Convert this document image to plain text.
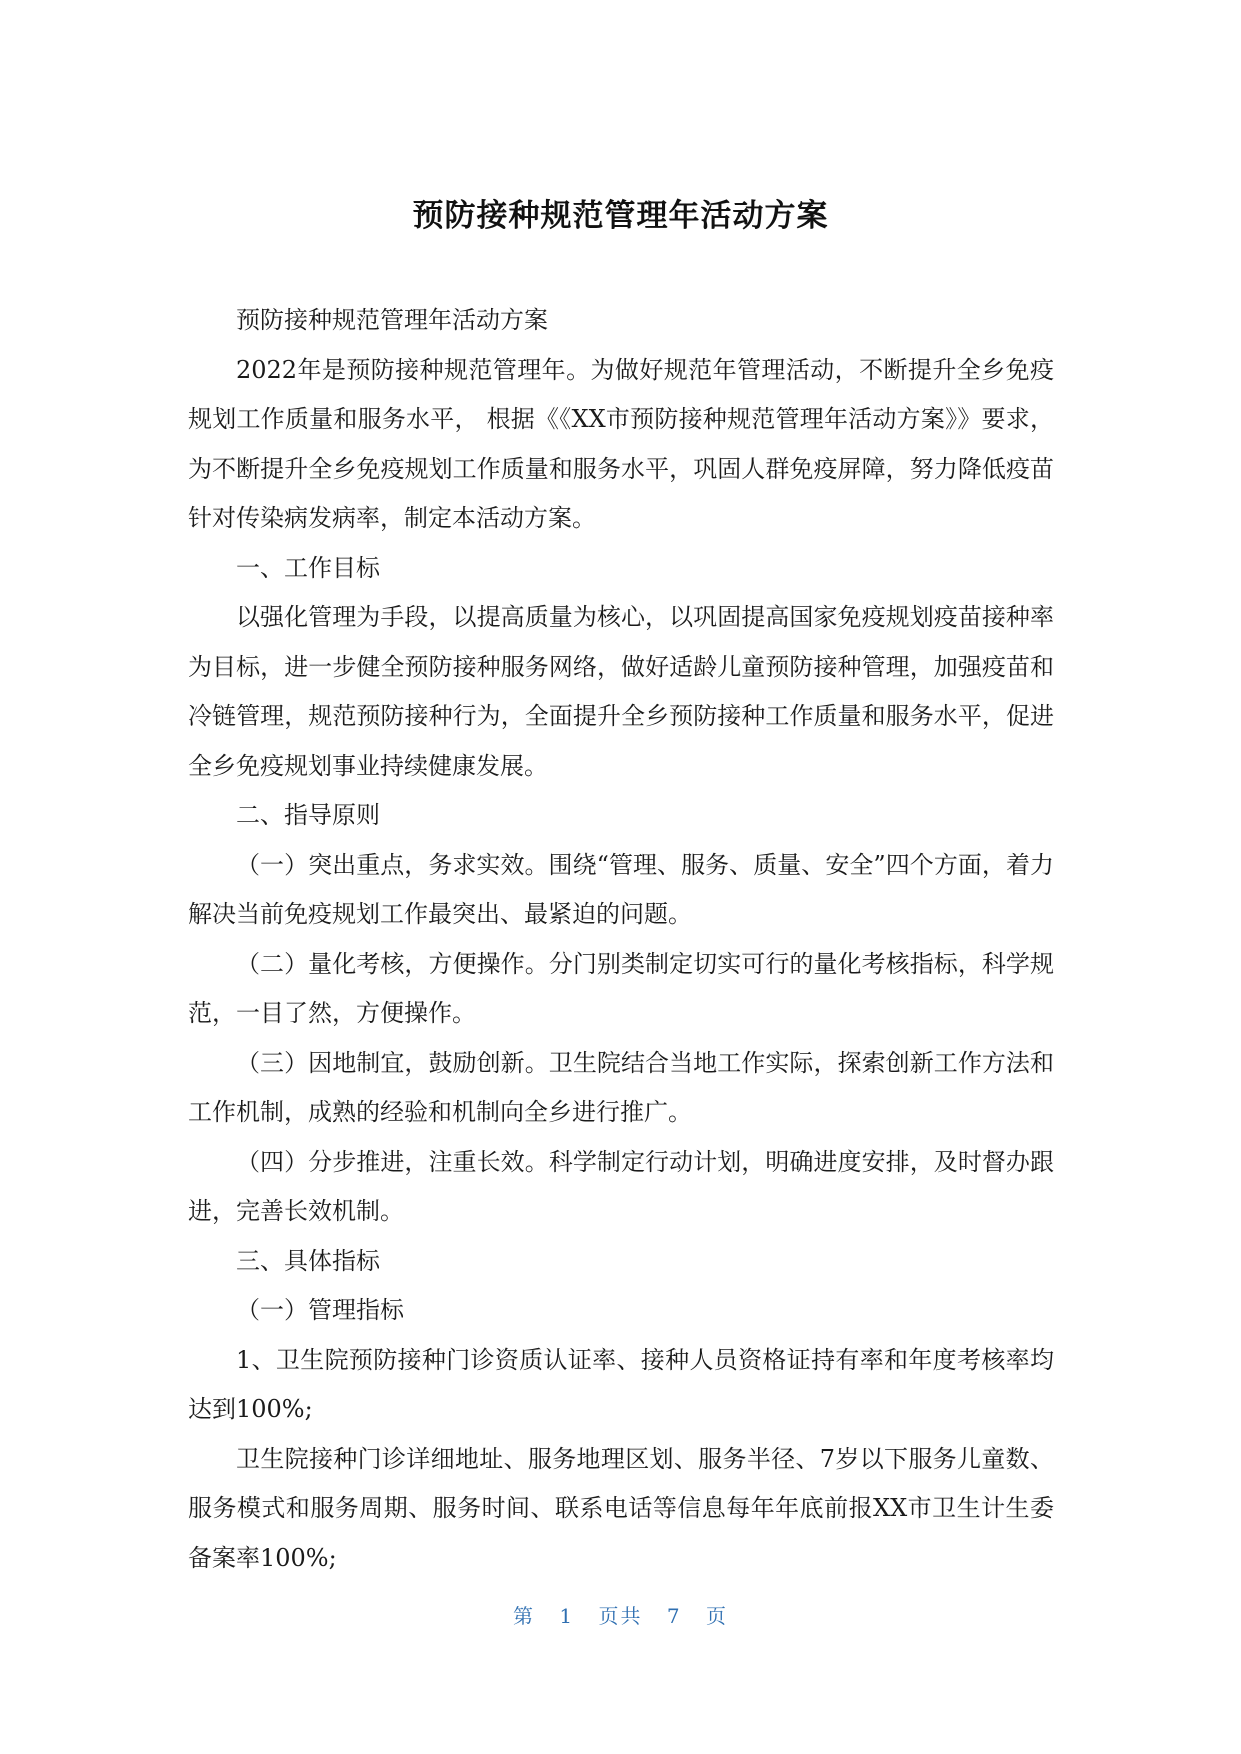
预防接种规范管理年活动方案

预防接种规范管理年活动方案

2022年是预防接种规范管理年。为做好规范年管理活动，不断提升全乡免疫规划工作质量和服务水平， 根据《《XX市预防接种规范管理年活动方案》》要求，为不断提升全乡免疫规划工作质量和服务水平，巩固人群免疫屏障，努力降低疫苗针对传染病发病率，制定本活动方案。

一、工作目标

以强化管理为手段，以提高质量为核心，以巩固提高国家免疫规划疫苗接种率为目标，进一步健全预防接种服务网络，做好适龄儿童预防接种管理，加强疫苗和冷链管理，规范预防接种行为，全面提升全乡预防接种工作质量和服务水平，促进全乡免疫规划事业持续健康发展。

二、指导原则

（一）突出重点，务求实效。围绕“管理、服务、质量、安全”四个方面，着力解决当前免疫规划工作最突出、最紧迫的问题。

（二）量化考核，方便操作。分门别类制定切实可行的量化考核指标，科学规范，一目了然，方便操作。

（三）因地制宜，鼓励创新。卫生院结合当地工作实际，探索创新工作方法和工作机制，成熟的经验和机制向全乡进行推广。

（四）分步推进，注重长效。科学制定行动计划，明确进度安排，及时督办跟进，完善长效机制。

三、具体指标

（一）管理指标

1、卫生院预防接种门诊资质认证率、接种人员资格证持有率和年度考核率均达到100%;

卫生院接种门诊详细地址、服务地理区划、服务半径、7岁以下服务儿童数、服务模式和服务周期、服务时间、联系电话等信息每年年底前报XX市卫生计生委备案率100%;

第 1 页共 7 页
